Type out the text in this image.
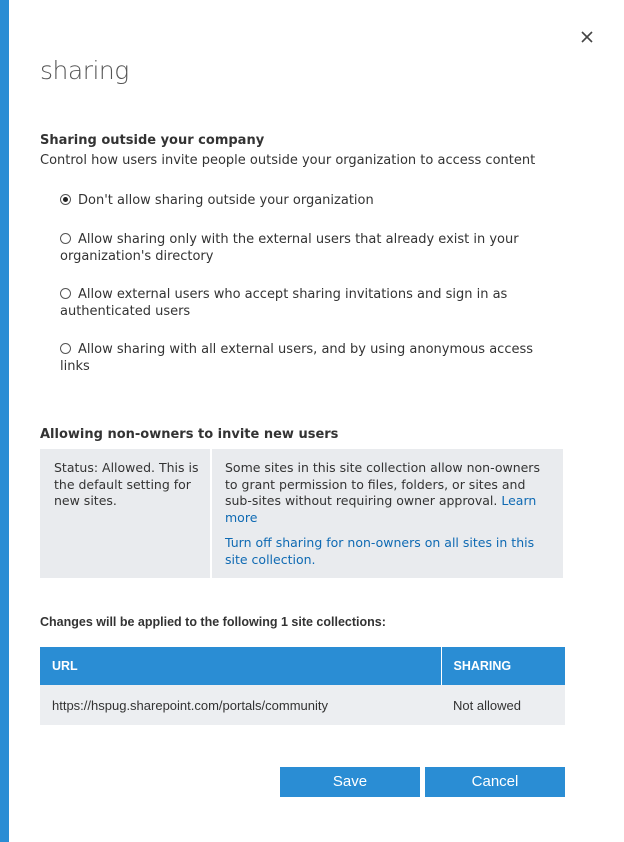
sharing
Sharing outside your company

Control how users invite people outside your organization to access content

Don't allow sharing outside your organization
Allow sharing only with the external users that already exist in your organization's directory
Allow external users who accept sharing invitations and sign in as authenticated users
Allow sharing with all external users, and by using anonymous access links
Allowing non-owners to invite new users
Status: Allowed. This is the default setting for new sites.
Some sites in this site collection allow non-owners to grant permission to files, folders, or sites and sub-sites without requiring owner approval. Learn more
Turn off sharing for non-owners on all sites in this site collection.
Changes will be applied to the following 1 site collections:
URL	SHARING
https://hspug.sharepoint.com/portals/community	Not allowed
Save	Cancel
